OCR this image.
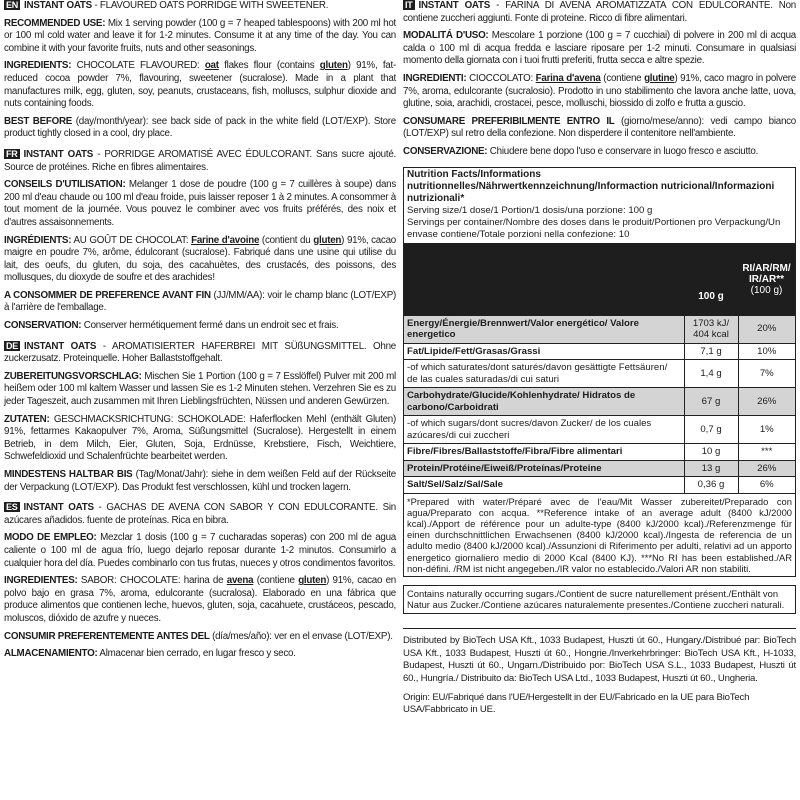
EN INSTANT OATS - FLAVOURED OATS PORRIDGE WITH SWEETENER.

RECOMMENDED USE: Mix 1 serving powder (100 g = 7 heaped tablespoons) with 200 ml hot or 100 ml cold water and leave it for 1-2 minutes. Consume it at any time of the day. You can combine it with your favorite fruits, nuts and other seasonings.

INGREDIENTS: CHOCOLATE FLAVOURED: oat flakes flour (contains gluten) 91%, fat-reduced cocoa powder 7%, flavouring, sweetener (sucralose). Made in a plant that manufactures milk, egg, gluten, soy, peanuts, crustaceans, fish, molluscs, sulphur dioxide and nuts containing foods.

BEST BEFORE (day/month/year): see back side of pack in the white field (LOT/EXP). Store product tightly closed in a cool, dry place.

FR INSTANT OATS - PORRIDGE AROMATISÉ AVEC ÉDULCORANT. Sans sucre ajouté. Source de protéines. Riche en fibres alimentaires.

CONSEILS D'UTILISATION: Melanger 1 dose de poudre (100 g = 7 cuillères à soupe) dans 200 ml d'eau chaude ou 100 ml d'eau froide, puis laisser reposer 1 à 2 minutes. A consommer à tout moment de la journée. Vous pouvez le combiner avec vos fruits préférés, des noix et d'autres assaisonnements.

INGRÉDIENTS: AU GOÛT DE CHOCOLAT: Farine d'avoine (contient du gluten) 91%, cacao maigre en poudre 7%, arôme, édulcorant (sucralose). Fabriqué dans une usine qui utilise du lait, des oeufs, du gluten, du soja, des cacahuètes, des crustacés, des poissons, des mollusques, du dioxyde de soufre et des arachides!

A CONSOMMER DE PREFERENCE AVANT FIN (JJ/MM/AA): voir le champ blanc (LOT/EXP) à l'arrière de l'emballage.

CONSERVATION: Conserver hermétiquement fermé dans un endroit sec et frais.

DE INSTANT OATS - AROMATISIERTER HAFERBREI MIT SÜßUNGSMITTEL. Ohne zuckerzusatz. Proteinquelle. Hoher Ballaststoffgehalt.

ZUBEREITUNGSVORSCHLAG: Mischen Sie 1 Portion (100 g = 7 Esslöffel) Pulver mit 200 ml heißem oder 100 ml kaltem Wasser und lassen Sie es 1-2 Minuten stehen. Verzehren Sie es zu jeder Tageszeit, auch zusammen mit Ihren Lieblingsfrüchten, Nüssen und anderen Gewürzen.

ZUTATEN: GESCHMACKSRICHTUNG: SCHOKOLADE: Haferflocken Mehl (enthält Gluten) 91%, fettarmes Kakaopulver 7%, Aroma, Süßungsmittel (Sucralose). Hergestellt in einem Betrieb, in dem Milch, Eier, Gluten, Soja, Erdnüsse, Krebstiere, Fisch, Weichtiere, Schwefeldioxid und Schalenfrüchte bearbeitet werden.

MINDESTENS HALTBAR BIS (Tag/Monat/Jahr): siehe in dem weißen Feld auf der Rückseite der Verpackung (LOT/EXP). Das Produkt fest verschlossen, kühl und trocken lagern.

ES INSTANT OATS - GACHAS DE AVENA CON SABOR Y CON EDULCORANTE. Sin azúcares añadidos. fuente de proteínas. Rica en bibra.

MODO DE EMPLEO: Mezclar 1 dosis (100 g = 7 cucharadas soperas) con 200 ml de agua caliente o 100 ml de agua frío, luego dejarlo reposar durante 1-2 minutos. Consumirlo a cualquier hora del día. Puedes combinarlo con tus frutas, nueces y otros condimentos favoritos.

INGREDIENTES: SABOR: CHOCOLATE: harina de avena (contiene gluten) 91%, cacao en polvo bajo en grasa 7%, aroma, edulcorante (sucralosa). Elaborado en una fábrica que produce alimentos que contienen leche, huevos, gluten, soja, cacahuete, crustáceos, pescado, moluscos, dióxido de azufre y nueces.

CONSUMIR PREFERENTEMENTE ANTES DEL (día/mes/año): ver en el envase (LOT/EXP).

ALMACENAMIENTO: Almacenar bien cerrado, en lugar fresco y seco.

IT INSTANT OATS - FARINA DI AVENA AROMATIZZATA CON EDULCORANTE. Non contiene zuccheri aggiunti. Fonte di proteine. Ricco di fibre alimentari.

MODALITÁ D'USO: Mescolare 1 porzione (100 g = 7 cucchiai) di polvere in 200 ml di acqua calda o 100 ml di acqua fredda e lasciare riposare per 1-2 minuti. Consumare in qualsiasi momento della giornata con i tuoi frutti preferiti, frutta secca e altre spezie.

INGREDIENTI: CIOCCOLATO: Farina d'avena (contiene glutine) 91%, caco magro in polvere 7%, aroma, edulcorante (sucralosio). Prodotto in uno stabilimento che lavora anche latte, uova, glutine, soia, arachidi, crostacei, pesce, molluschi, biossido di zolfo e frutta a guscio.

CONSUMARE PREFERIBILMENTE ENTRO IL (giorno/mese/anno): vedi campo bianco (LOT/EXP) sul retro della confezione. Non disperdere il contenitore nell'ambiente.

CONSERVAZIONE: Chiudere bene dopo l'uso e conservare in luogo fresco e asciutto.

Nutrition Facts/Informations nutritionnelles/Nährwertkennzeichnung/Informaction nutricional/Informazioni nutrizionali*

Serving size/1 dose/1 Portion/1 dosis/una porzione: 100 g

Servings per container/Nombre des doses dans le produit/Portionen pro Verpackung/Un envase contiene/Totale porzioni nella confezione: 10

	100 g	RI/AR/RM/
IR/AR**
(100 g)

Energy/Énergie/Brennwert/Valor energético/ Valore energetico	1703 kJ/ 404 kcal	20%
Fat/Lipide/Fett/Grasas/Grassi	7,1 g	10%
-of which saturates/dont saturés/davon gesättigte Fettsäuren/ de las cuales saturadas/di cui saturi	1,4 g	7%
Carbohydrate/Glucide/Kohlenhydrate/ Hidratos de carbono/Carboidrati	67 g	26%
-of which sugars/dont sucres/davon Zucker/ de los cuales azúcares/di cui zuccheri	0,7 g	1%
Fibre/Fibres/Ballaststoffe/Fibra/Fibre alimentari	10 g	***
Protein/Protéine/Eiweiß/Proteínas/Proteine	13 g	26%
Salt/Sel/Salz/Sal/Sale	0,36 g	6%
*Prepared with water/Préparé avec de l'eau/Mit Wasser zubereitet/Preparado con agua/Preparato con acqua. **Reference intake of an average adult (8400 kJ/2000 kcal)./Apport de référence pour un adulte-type (8400 kJ/2000 kcal)./Referenzmenge für einen durchschnittlichen Erwachsenen (8400 kJ/2000 kcal)./Ingesta de referencia de un adulto medio (8400 kJ/2000 kcal)./Assunzioni di Riferimento per adulti, relativi ad un apporto energetico giornaliero medio di 2000 Kcal (8400 KJ). ***No RI has been established./AR non-défini. /RM ist nicht angegeben./IR valor no establecido./Valori AR non stabiliti.
Contains naturally occurring sugars./Contient de sucre naturellement présent./Enthält von Natur aus Zucker./Contiene azúcares naturalemente presentes./Contiene zuccheri naturali.

Distributed by BioTech USA Kft., 1033 Budapest, Huszti út 60., Hungary./Distribué par: BioTech USA Kft., 1033 Budapest, Huszti út 60., Hongrie./Inverkehrbringer: BioTech USA Kft., H-1033, Budapest, Huszti út 60., Ungarn./Distribuido por: BioTech USA S.L., 1033 Budapest, Huszti út 60., Hungría./ Distribuito da: BioTech USA Ltd., 1033 Budapest, Huszti út 60., Ungheria.

Origin: EU/Fabriqué dans l'UE/Hergestellt in der EU/Fabricado en la UE para BioTech USA/Fabbricato in UE.
